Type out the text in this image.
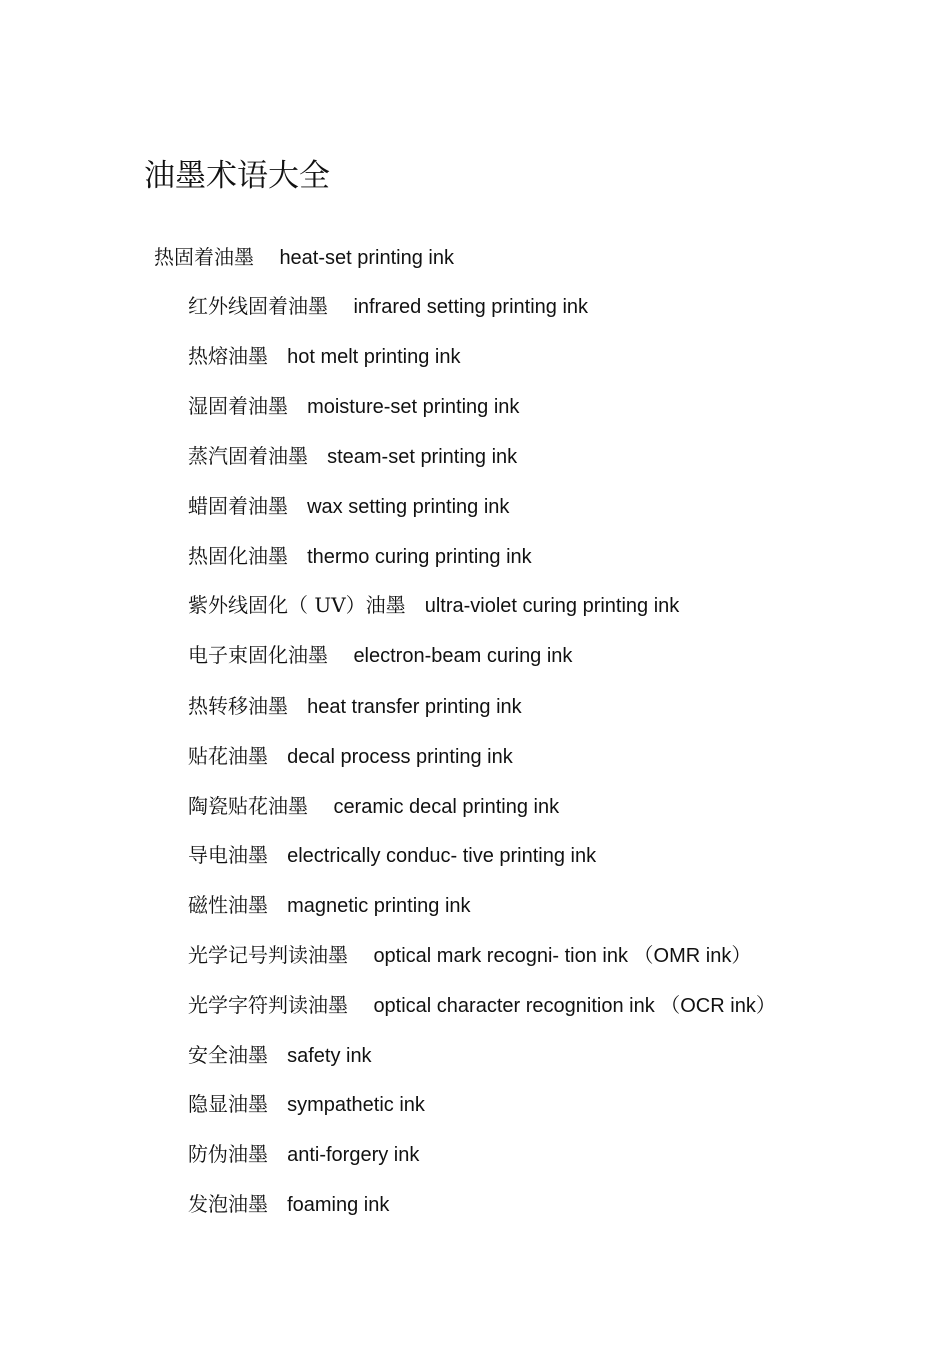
油墨术语大全
热固着油墨 heat-set printing ink
红外线固着油墨 infrared setting printing ink
热熔油墨 hot melt printing ink
湿固着油墨 moisture-set printing ink
蒸汽固着油墨 steam-set printing ink
蜡固着油墨 wax setting printing ink
热固化油墨 thermo curing printing ink
紫外线固化（ UV）油墨 ultra-violet curing printing ink
电子束固化油墨 electron-beam curing ink
热转移油墨 heat transfer printing ink
贴花油墨 decal process printing ink
陶瓷贴花油墨 ceramic decal printing ink
导电油墨 electrically conduc- tive printing ink
磁性油墨 magnetic printing ink
光学记号判读油墨 optical mark recogni- tion ink （OMR ink）
光学字符判读油墨 optical character recognition ink （OCR ink）
安全油墨 safety ink
隐显油墨 sympathetic ink
防伪油墨 anti-forgery ink
发泡油墨 foaming ink
